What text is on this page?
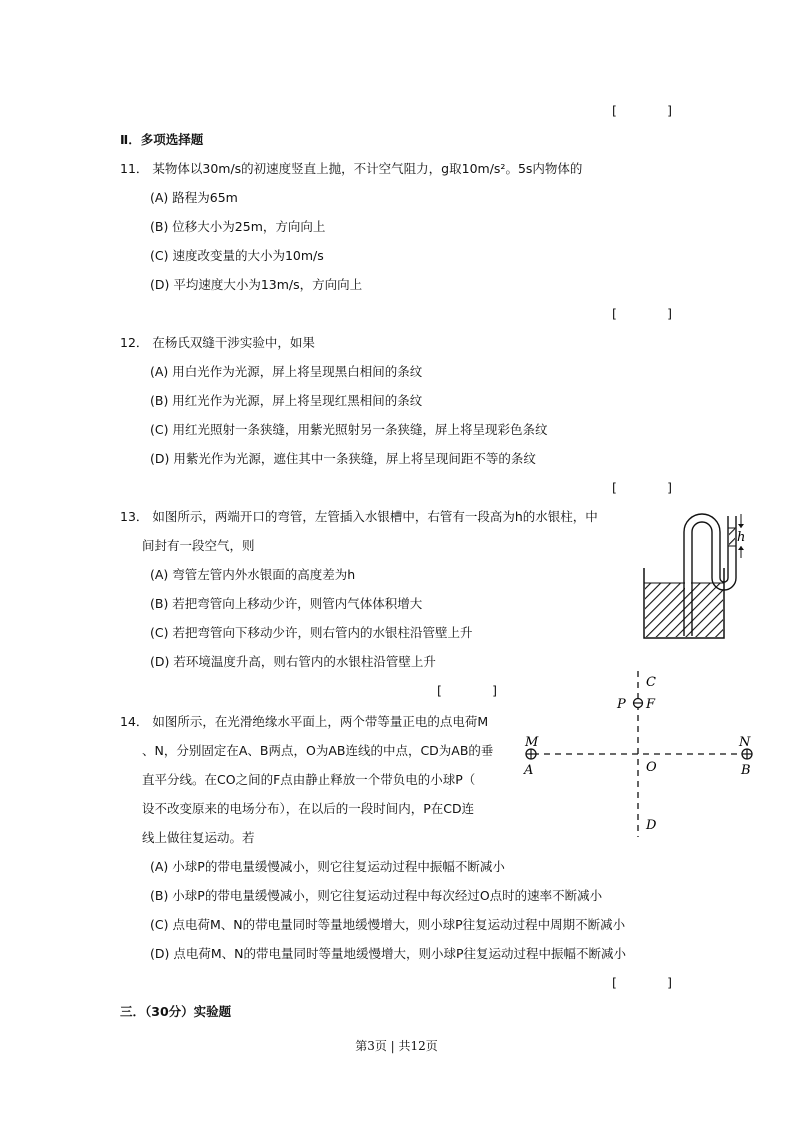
[	]
Ⅱ．多项选择题
11． 某物体以30m/s的初速度竖直上抛，不计空气阻力，g取10m/s²。5s内物体的
(A) 路程为65m
(B) 位移大小为25m，方向向上
(C) 速度改变量的大小为10m/s
(D) 平均速度大小为13m/s，方向向上
[	]
12． 在杨氏双缝干涉实验中，如果
(A) 用白光作为光源，屏上将呈现黑白相间的条纹
(B) 用红光作为光源，屏上将呈现红黑相间的条纹
(C) 用红光照射一条狭缝，用紫光照射另一条狭缝，屏上将呈现彩色条纹
(D) 用紫光作为光源，遮住其中一条狭缝，屏上将呈现间距不等的条纹
[	]
13． 如图所示，两端开口的弯管，左管插入水银槽中，右管有一段高为h的水银柱，中
间封有一段空气，则
(A) 弯管左管内外水银面的高度差为h
(B) 若把弯管向上移动少许，则管内气体体积增大
(C) 若把弯管向下移动少许，则右管内的水银柱沿管壁上升
(D) 若环境温度升高，则右管内的水银柱沿管壁上升
[	]
h
14． 如图所示，在光滑绝缘水平面上，两个带等量正电的点电荷M
、N，分别固定在A、B两点，O为AB连线的中点，CD为AB的垂
直平分线。在CO之间的F点由静止释放一个带负电的小球P（
设不改变原来的电场分布），在以后的一段时间内，P在CD连
线上做往复运动。若
(A) 小球P的带电量缓慢减小，则它往复运动过程中振幅不断减小
(B) 小球P的带电量缓慢减小，则它往复运动过程中每次经过O点时的速率不断减小
(C) 点电荷M、N的带电量同时等量地缓慢增大，则小球P往复运动过程中周期不断减小
(D) 点电荷M、N的带电量同时等量地缓慢增大，则小球P往复运动过程中振幅不断减小
[	]
C
P F
M	N
A	O	B
D
三．（30分）实验题
第3页 | 共12页
